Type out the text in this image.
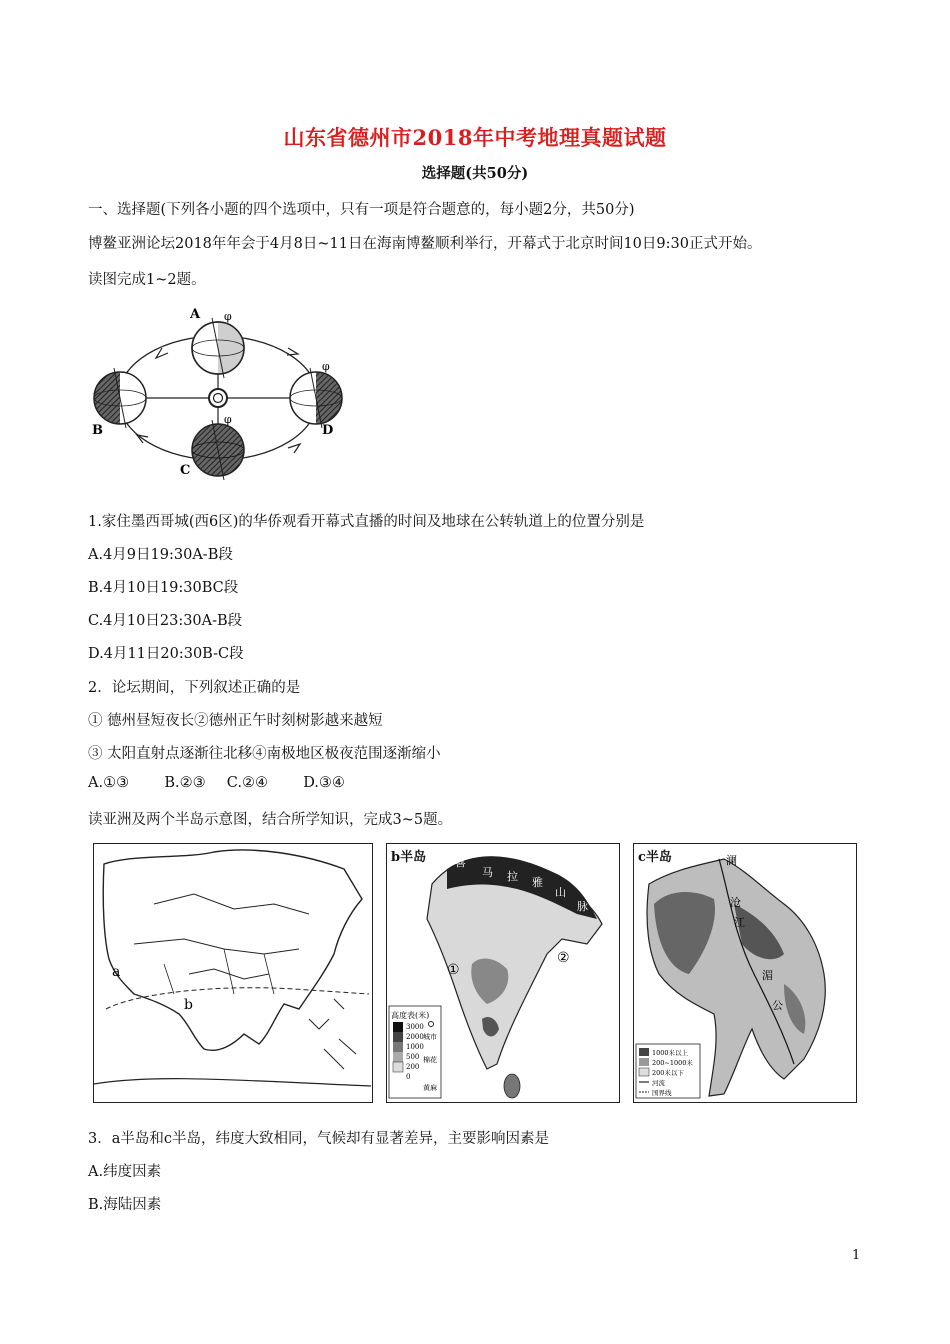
山东省德州市2018年中考地理真题试题
选择题(共50分)
一、选择题(下列各小题的四个选项中，只有一项是符合题意的，每小题2分，共50分)
博鳌亚洲论坛2018年年会于4月8日~11日在海南博鳌顺利举行，开幕式于北京时间10日9:30正式开始。
读图完成1~2题。
φ
φ
φ
A
B
C
D
1.家住墨西哥城(西6区)的华侨观看开幕式直播的时间及地球在公转轨道上的位置分别是
A.4月9日19:30A-B段
B.4月10日19:30BC段
C.4月10日23:30A-B段
D.4月11日20:30B-C段
2．论坛期间，下列叙述正确的是
① 德州昼短夜长②德州正午时刻树影越来越短
③ 太阳直射点逐渐往北移④南极地区极夜范围逐渐缩小
A.①③ B.②③ C.②④ D.③④
读亚洲及两个半岛示意图，结合所学知识，完成3~5题。
a
b
①
②
喜
马 拉 雅
山
脉
高度表(米)
3000
2000
1000
500
200
0
城市
棉花
黄麻
b半岛	澜
沧
江
湄
公
1000米以上
200~1000米
200米以下
河流
国界线
c半岛
3．a半岛和c半岛，纬度大致相同，气候却有显著差异，主要影响因素是
A.纬度因素
B.海陆因素
1
